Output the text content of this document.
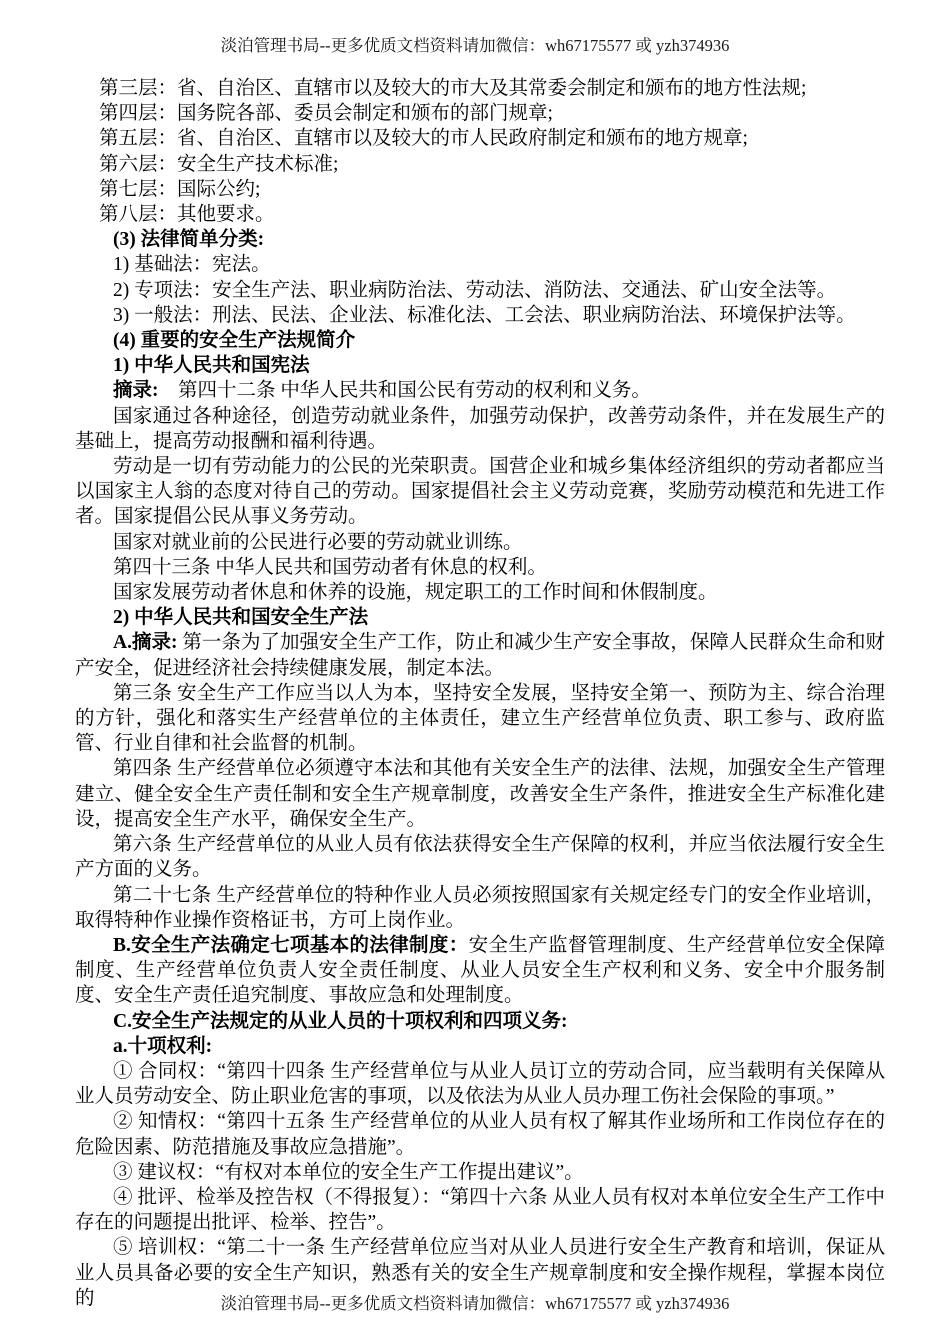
淡泊管理书局--更多优质文档资料请加微信：wh67175577 或 yzh374936

第三层：省、自治区、直辖市以及较大的市大及其常委会制定和颁布的地方性法规;

第四层：国务院各部、委员会制定和颁布的部门规章;

第五层：省、自治区、直辖市以及较大的市人民政府制定和颁布的地方规章;

第六层：安全生产技术标准;

第七层：国际公约;

第八层：其他要求。

(3) 法律简单分类:

1) 基础法：宪法。

2) 专项法：安全生产法、职业病防治法、劳动法、消防法、交通法、矿山安全法等。

3) 一般法：刑法、民法、企业法、标准化法、工会法、职业病防治法、环境保护法等。

(4) 重要的安全生产法规简介

1) 中华人民共和国宪法

摘录:　第四十二条 中华人民共和国公民有劳动的权利和义务。

国家通过各种途径，创造劳动就业条件，加强劳动保护，改善劳动条件，并在发展生产的基础上，提高劳动报酬和福利待遇。

劳动是一切有劳动能力的公民的光荣职责。国营企业和城乡集体经济组织的劳动者都应当以国家主人翁的态度对待自己的劳动。国家提倡社会主义劳动竞赛，奖励劳动模范和先进工作者。国家提倡公民从事义务劳动。

国家对就业前的公民进行必要的劳动就业训练。

第四十三条 中华人民共和国劳动者有休息的权利。

国家发展劳动者休息和休养的设施，规定职工的工作时间和休假制度。

2) 中华人民共和国安全生产法

A.摘录: 第一条为了加强安全生产工作，防止和减少生产安全事故，保障人民群众生命和财产安全，促进经济社会持续健康发展，制定本法。

第三条 安全生产工作应当以人为本，坚持安全发展，坚持安全第一、预防为主、综合治理的方针，强化和落实生产经营单位的主体责任，建立生产经营单位负责、职工参与、政府监管、行业自律和社会监督的机制。

第四条 生产经营单位必须遵守本法和其他有关安全生产的法律、法规，加强安全生产管理建立、健全安全生产责任制和安全生产规章制度，改善安全生产条件，推进安全生产标准化建设，提高安全生产水平，确保安全生产。

第六条 生产经营单位的从业人员有依法获得安全生产保障的权利，并应当依法履行安全生产方面的义务。

第二十七条 生产经营单位的特种作业人员必须按照国家有关规定经专门的安全作业培训，取得特种作业操作资格证书，方可上岗作业。

B.安全生产法确定七项基本的法律制度：安全生产监督管理制度、生产经营单位安全保障制度、生产经营单位负责人安全责任制度、从业人员安全生产权利和义务、安全中介服务制度、安全生产责任追究制度、事故应急和处理制度。

C.安全生产法规定的从业人员的十项权利和四项义务:

a.十项权利:

① 合同权：“第四十四条 生产经营单位与从业人员订立的劳动合同，应当载明有关保障从业人员劳动安全、防止职业危害的事项，以及依法为从业人员办理工伤社会保险的事项。”

② 知情权：“第四十五条 生产经营单位的从业人员有权了解其作业场所和工作岗位存在的危险因素、防范措施及事故应急措施”。

③ 建议权：“有权对本单位的安全生产工作提出建议”。

④ 批评、检举及控告权（不得报复）：“第四十六条 从业人员有权对本单位安全生产工作中存在的问题提出批评、检举、控告”。

⑤ 培训权：“第二十一条 生产经营单位应当对从业人员进行安全生产教育和培训，保证从业人员具备必要的安全生产知识，熟悉有关的安全生产规章制度和安全操作规程，掌握本岗位的	淡泊管理书局--更多优质文档资料请加微信：wh67175577 或 yzh374936
